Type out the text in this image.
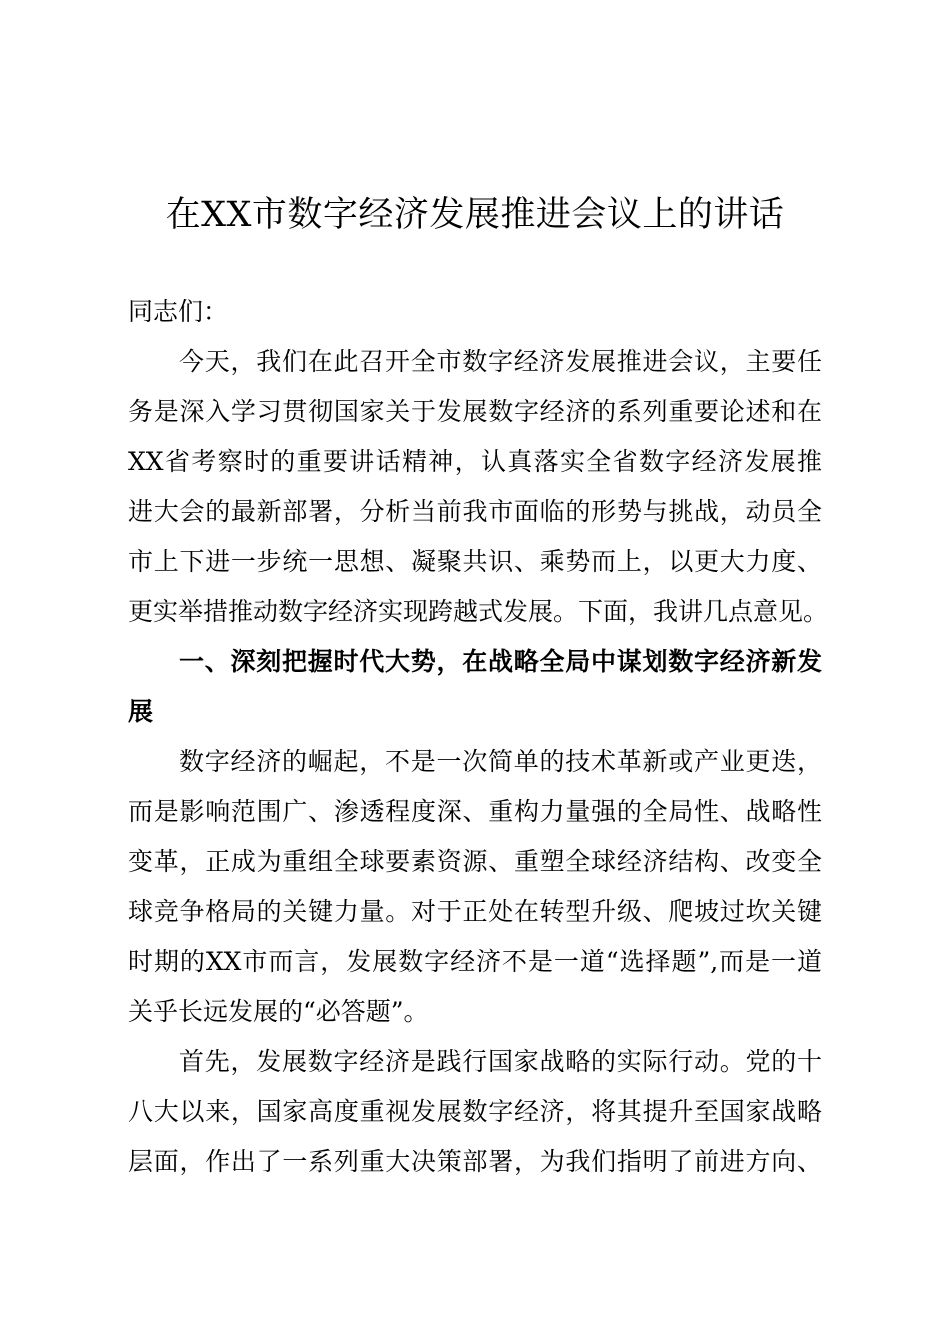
在XX市数字经济发展推进会议上的讲话
同志们：
今天，我们在此召开全市数字经济发展推进会议，主要任
务是深入学习贯彻国家关于发展数字经济的系列重要论述和在
XX省考察时的重要讲话精神，认真落实全省数字经济发展推
进大会的最新部署，分析当前我市面临的形势与挑战，动员全
市上下进一步统一思想、凝聚共识、乘势而上，以更大力度、
更实举措推动数字经济实现跨越式发展。下面，我讲几点意见。
一、深刻把握时代大势，在战略全局中谋划数字经济新发
展
数字经济的崛起，不是一次简单的技术革新或产业更迭，
而是影响范围广、渗透程度深、重构力量强的全局性、战略性
变革，正成为重组全球要素资源、重塑全球经济结构、改变全
球竞争格局的关键力量。对于正处在转型升级、爬坡过坎关键
时期的XX市而言，发展数字经济不是一道“选择题”,而是一道
关乎长远发展的“必答题”。
首先，发展数字经济是践行国家战略的实际行动。党的十
八大以来，国家高度重视发展数字经济，将其提升至国家战略
层面，作出了一系列重大决策部署，为我们指明了前进方向、
